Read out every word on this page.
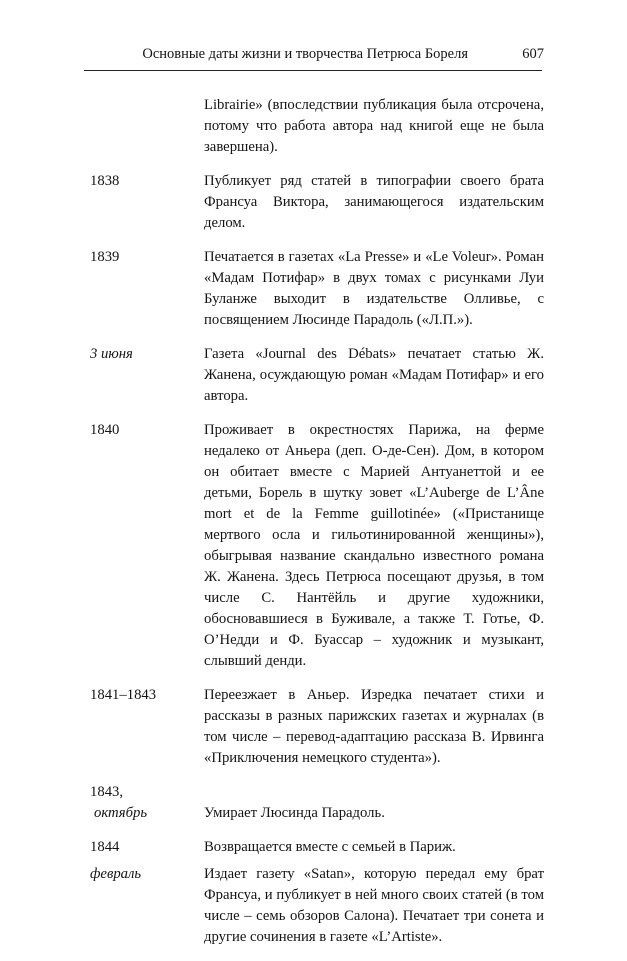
Основные даты жизни и творчества Петрюса Бореля	607
Librairie» (впоследствии публикация была отсрочена, потому что работа автора над книгой еще не была завершена).
1838	Публикует ряд статей в типографии своего брата Франсуа Виктора, занимающегося издательским делом.
1839	Печатается в газетах «La Presse» и «Le Voleur». Роман «Мадам Потифар» в двух томах с рисунками Луи Буланже выходит в издательстве Олливье, с посвящением Люсинде Парадоль («Л.П.»).
3 июня	Газета «Journal des Débats» печатает статью Ж. Жанена, осуждающую роман «Мадам Потифар» и его автора.
1840	Проживает в окрестностях Парижа, на ферме недалеко от Аньера (деп. О-де-Сен). Дом, в котором он обитает вместе с Марией Антуанеттой и ее детьми, Борель в шутку зовет «L’Auberge de L’Âne mort et de la Femme guillotinée» («Пристанище мертвого осла и гильотинированной женщины»), обыгрывая название скандально известного романа Ж. Жанена. Здесь Петрюса посещают друзья, в том числе С. Нантёйль и другие художники, обосновавшиеся в Буживале, а также Т. Готье, Ф. О’Недди и Ф. Буассар – художник и музыкант, слывший денди.
1841–1843	Переезжает в Аньер. Изредка печатает стихи и рассказы в разных парижских газетах и журналах (в том числе – перевод-адаптацию рассказа В. Ирвинга «Приключения немецкого студента»).
1843,
октябрь	Умирает Люсинда Парадоль.
1844	Возвращается вместе с семьей в Париж.
февраль	Издает газету «Satan», которую передал ему брат Франсуа, и публикует в ней много своих статей (в том числе – семь обзоров Салона). Печатает три сонета и другие сочинения в газете «L’Artiste».
